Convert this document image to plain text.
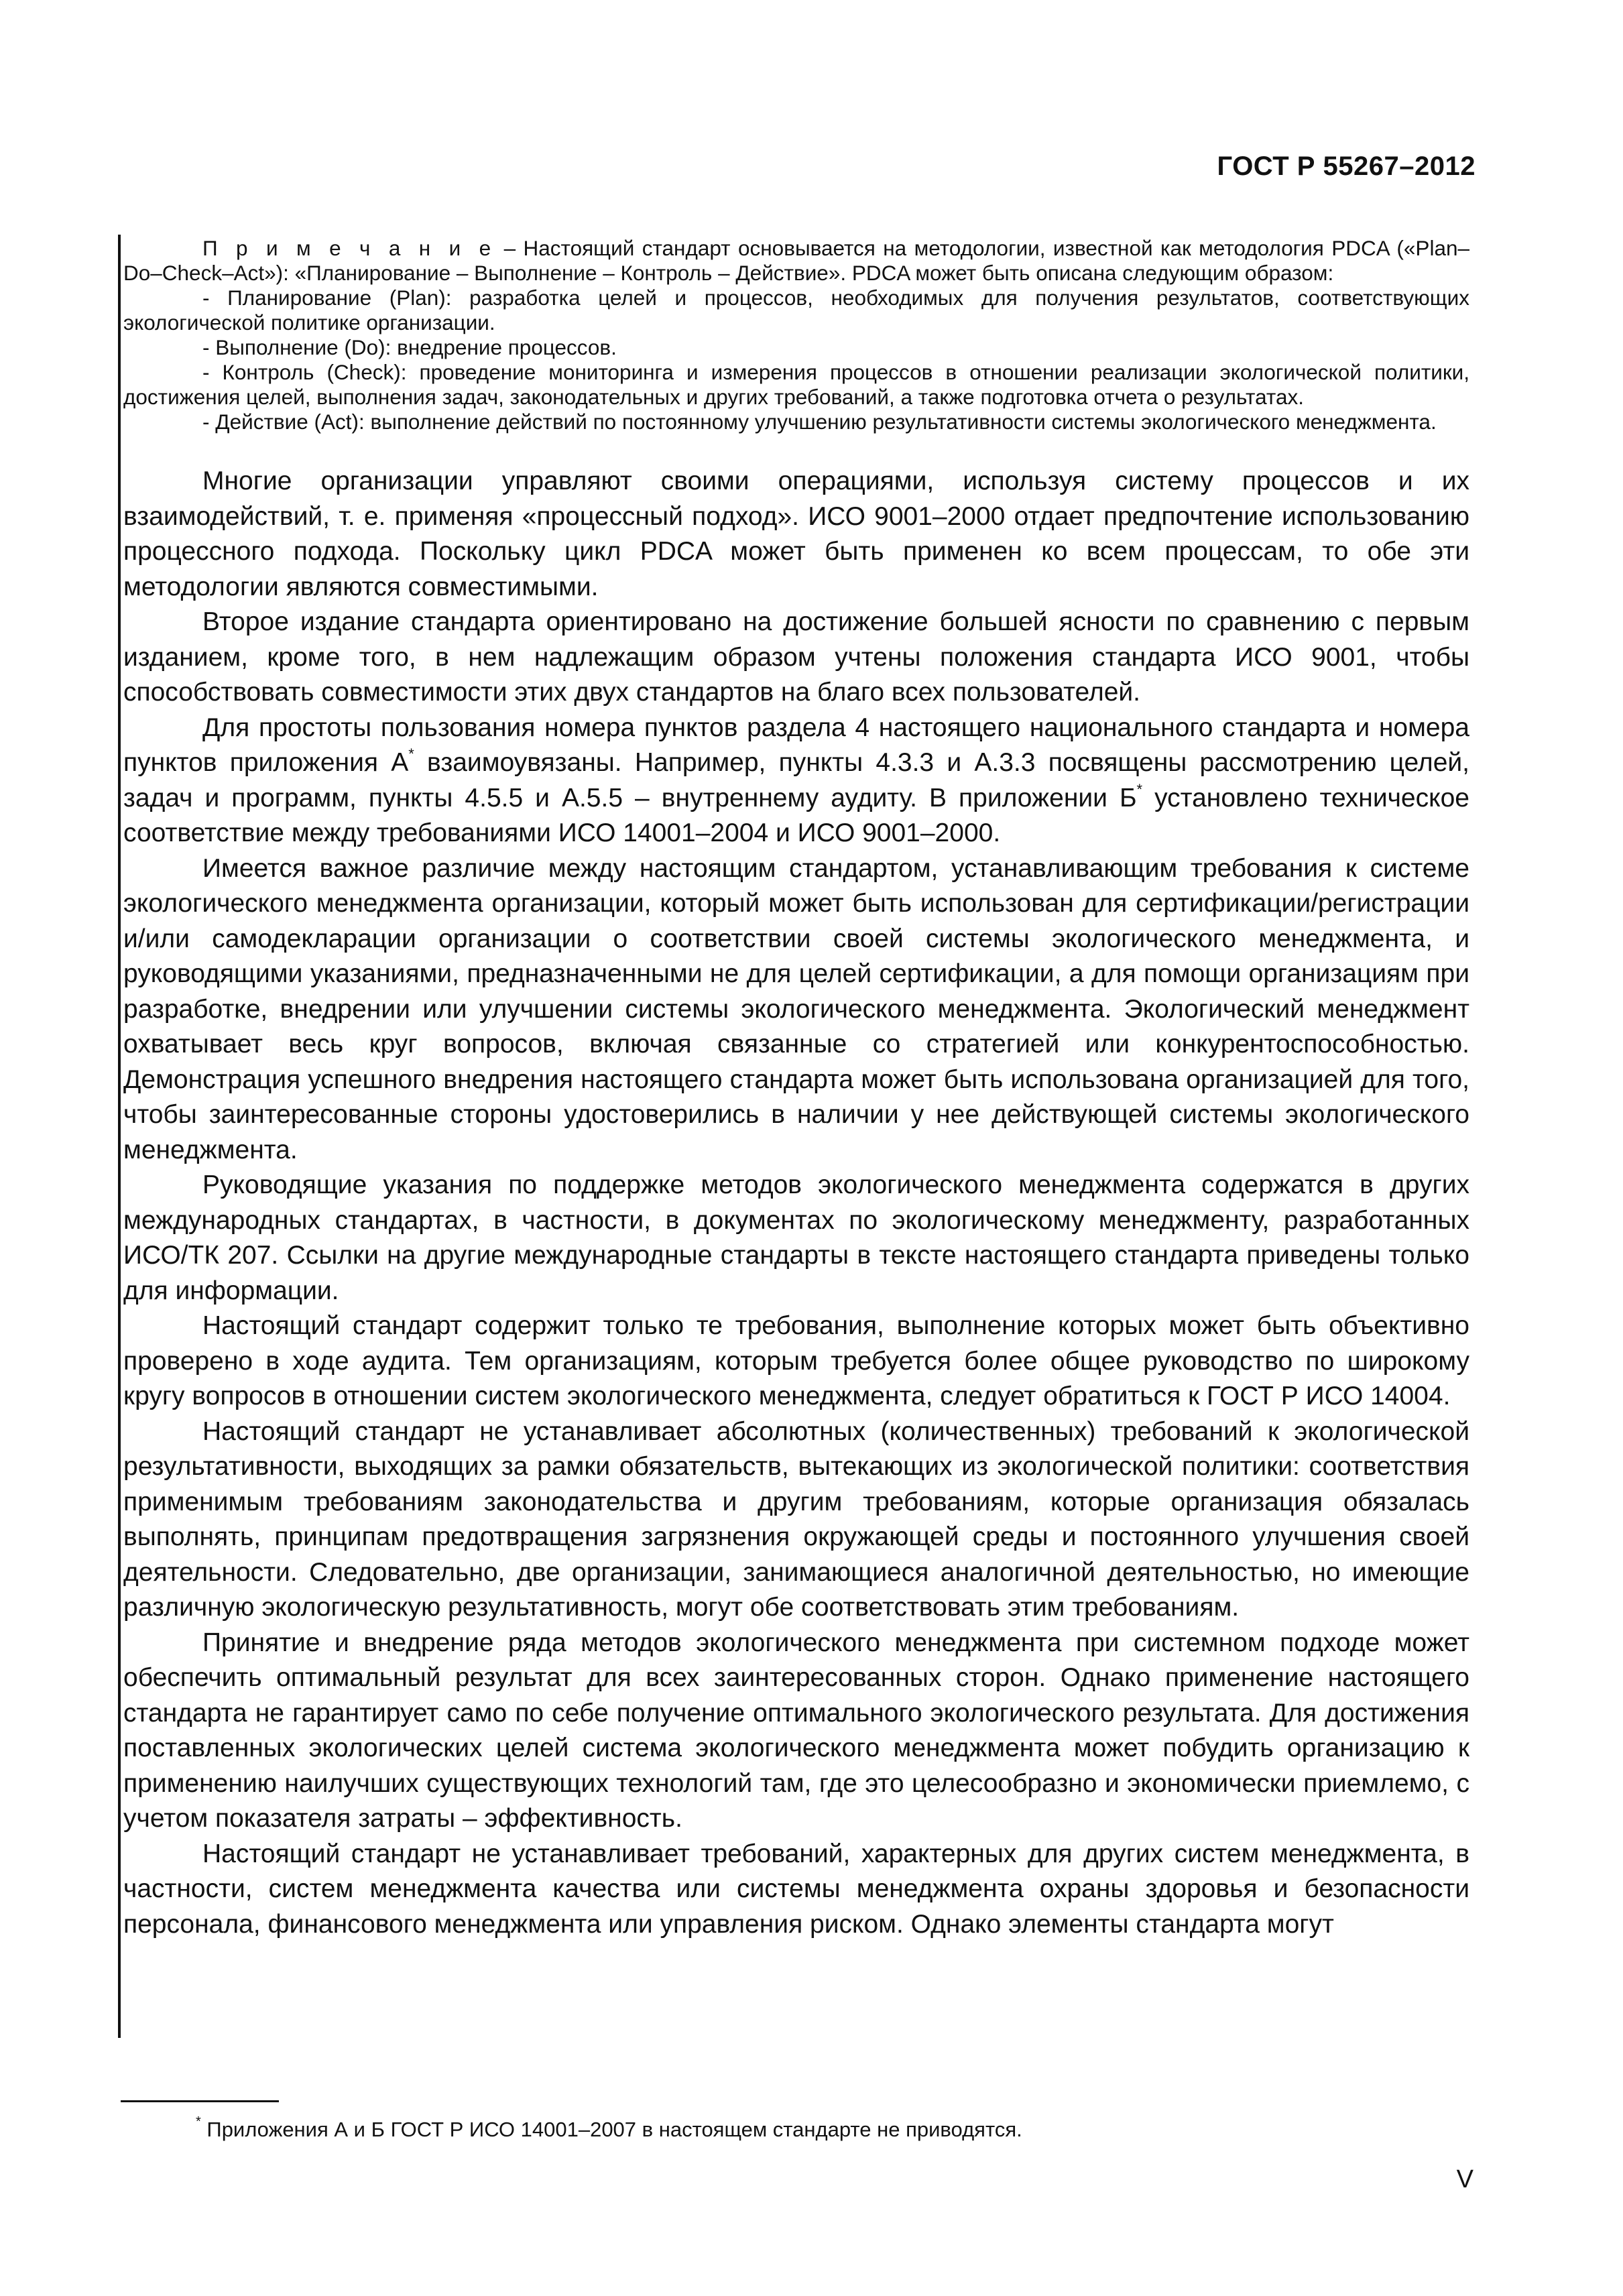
ГОСТ Р 55267–2012

П р и м е ч а н и е – Настоящий стандарт основывается на методологии, известной как методология PDCA («Plan–Do–Check–Act»): «Планирование – Выполнение – Контроль – Действие». PDCA может быть описана следующим образом:

- Планирование (Plan): разработка целей и процессов, необходимых для получения результатов, соответствующих экологической политике организации.

- Выполнение (Do): внедрение процессов.

- Контроль (Check): проведение мониторинга и измерения процессов в отношении реализации экологической политики, достижения целей, выполнения задач, законодательных и других требований, а также подготовка отчета о результатах.

- Действие (Act): выполнение действий по постоянному улучшению результативности системы экологического менеджмента.

Многие организации управляют своими операциями, используя систему процессов и их взаимодействий, т. е. применяя «процессный подход». ИСО 9001–2000 отдает предпочтение использованию процессного подхода. Поскольку цикл PDCA может быть применен ко всем процессам, то обе эти методологии являются совместимыми.

Второе издание стандарта ориентировано на достижение большей ясности по сравнению с первым изданием, кроме того, в нем надлежащим образом учтены положения стандарта ИСО 9001, чтобы способствовать совместимости этих двух стандартов на благо всех пользователей.

Для простоты пользования номера пунктов раздела 4 настоящего национального стандарта и номера пунктов приложения А* взаимоувязаны. Например, пункты 4.3.3 и А.3.3 посвящены рассмотрению целей, задач и программ, пункты 4.5.5 и А.5.5 – внутреннему аудиту. В приложении Б* установлено техническое соответствие между требованиями ИСО 14001–2004 и ИСО 9001–2000.

Имеется важное различие между настоящим стандартом, устанавливающим требования к системе экологического менеджмента организации, который может быть использован для сертификации/регистрации и/или самодекларации организации о соответствии своей системы экологического менеджмента, и руководящими указаниями, предназначенными не для целей сертификации, а для помощи организациям при разработке, внедрении или улучшении системы экологического менеджмента. Экологический менеджмент охватывает весь круг вопросов, включая связанные со стратегией или конкурентоспособностью. Демонстрация успешного внедрения настоящего стандарта может быть использована организацией для того, чтобы заинтересованные стороны удостоверились в наличии у нее действующей системы экологического менеджмента.

Руководящие указания по поддержке методов экологического менеджмента содержатся в других международных стандартах, в частности, в документах по экологическому менеджменту, разработанных ИСО/ТК 207. Ссылки на другие международные стандарты в тексте настоящего стандарта приведены только для информации.

Настоящий стандарт содержит только те требования, выполнение которых может быть объективно проверено в ходе аудита. Тем организациям, которым требуется более общее руководство по широкому кругу вопросов в отношении систем экологического менеджмента, следует обратиться к ГОСТ Р ИСО 14004.

Настоящий стандарт не устанавливает абсолютных (количественных) требований к экологической результативности, выходящих за рамки обязательств, вытекающих из экологической политики: соответствия применимым требованиям законодательства и другим требованиям, которые организация обязалась выполнять, принципам предотвращения загрязнения окружающей среды и постоянного улучшения своей деятельности. Следовательно, две организации, занимающиеся аналогичной деятельностью, но имеющие различную экологическую результативность, могут обе соответствовать этим требованиям.

Принятие и внедрение ряда методов экологического менеджмента при системном подходе может обеспечить оптимальный результат для всех заинтересованных сторон. Однако применение настоящего стандарта не гарантирует само по себе получение оптимального экологического результата. Для достижения поставленных экологических целей система экологического менеджмента может побудить организацию к применению наилучших существующих технологий там, где это целесообразно и экономически приемлемо, с учетом показателя затраты – эффективность.

Настоящий стандарт не устанавливает требований, характерных для других систем менеджмента, в частности, систем менеджмента качества или системы менеджмента охраны здоровья и безопасности персонала, финансового менеджмента или управления риском. Однако элементы стандарта могут

* Приложения А и Б ГОСТ Р ИСО 14001–2007 в настоящем стандарте не приводятся.
V
